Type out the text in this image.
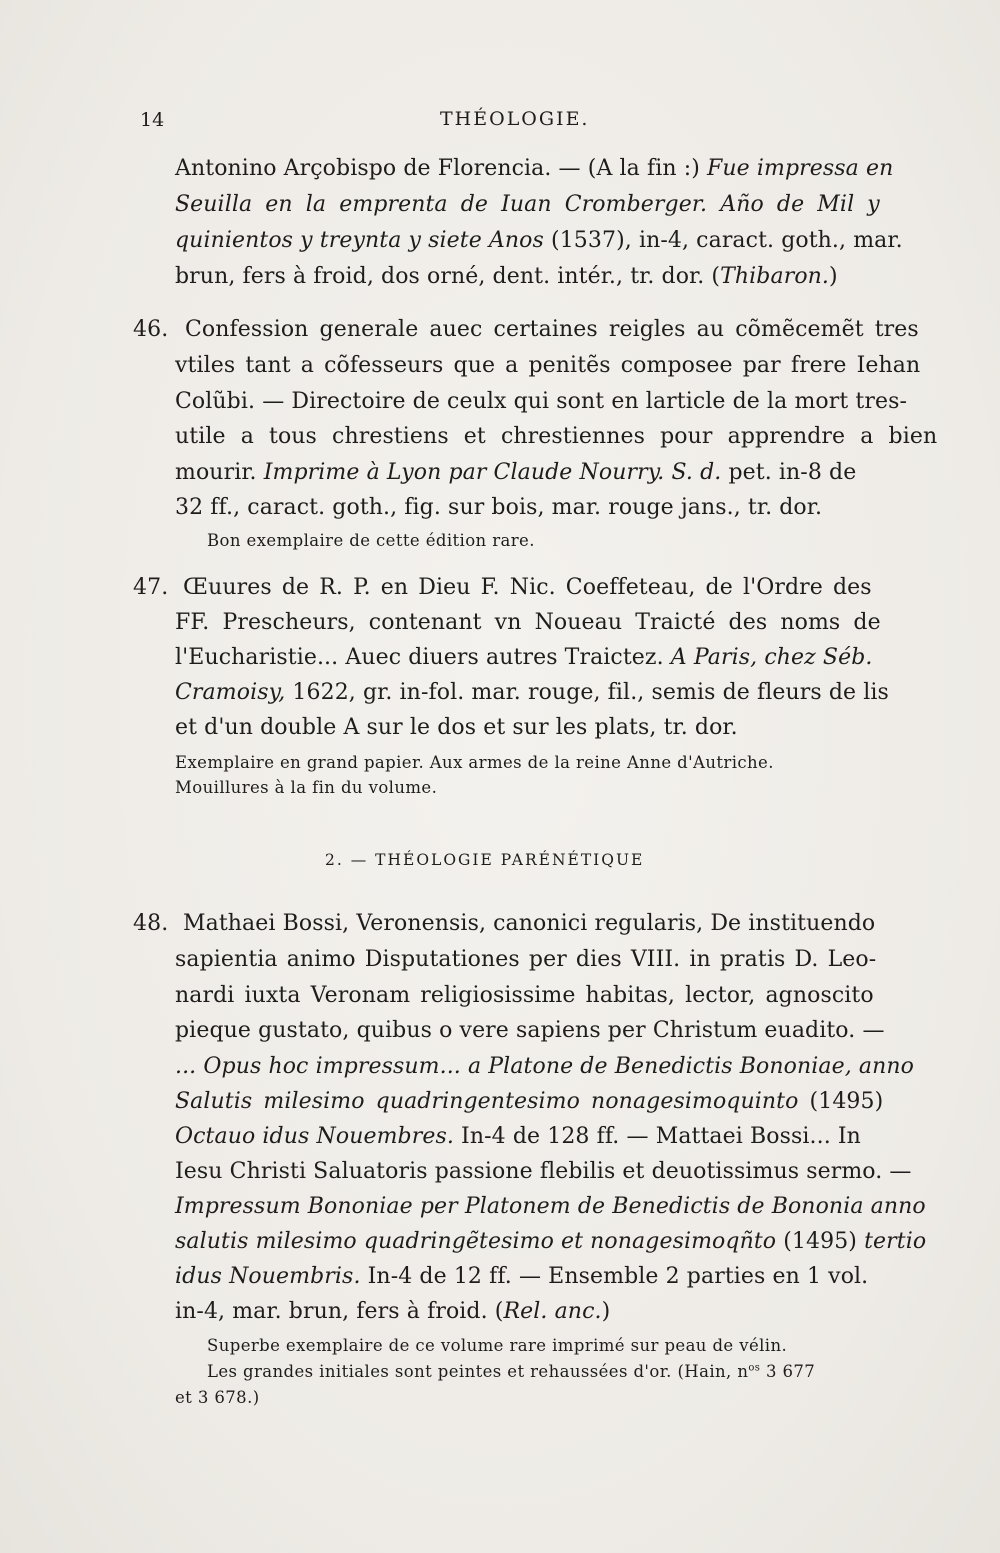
14	THÉOLOGIE.
Antonino Arçobispo de Florencia. — (A la fin :) Fue impressa en
Seuilla en la emprenta de Iuan Cromberger. Año de Mil y
quinientos y treynta y siete Anos (1537), in-4, caract. goth., mar.
brun, fers à froid, dos orné, dent. intér., tr. dor. (Thibaron.)
46. Confession generale auec certaines reigles au cõmẽcemẽt tres
vtiles tant a cõfesseurs que a penitẽs composee par frere Iehan
Colũbi. — Directoire de ceulx qui sont en larticle de la mort tres-
utile a tous chrestiens et chrestiennes pour apprendre a bien
mourir. Imprime à Lyon par Claude Nourry. S. d. pet. in-8 de
32 ff., caract. goth., fig. sur bois, mar. rouge jans., tr. dor.
Bon exemplaire de cette édition rare.
47. Œuures de R. P. en Dieu F. Nic. Coeffeteau, de l'Ordre des
FF. Prescheurs, contenant vn Noueau Traicté des noms de
l'Eucharistie... Auec diuers autres Traictez. A Paris, chez Séb.
Cramoisy, 1622, gr. in-fol. mar. rouge, fil., semis de fleurs de lis
et d'un double A sur le dos et sur les plats, tr. dor.
Exemplaire en grand papier. Aux armes de la reine Anne d'Autriche.
Mouillures à la fin du volume.
2. — THÉOLOGIE PARÉNÉTIQUE
48. Mathaei Bossi, Veronensis, canonici regularis, De instituendo
sapientia animo Disputationes per dies VIII. in pratis D. Leo-
nardi iuxta Veronam religiosissime habitas, lector, agnoscito
pieque gustato, quibus o vere sapiens per Christum euadito. —
... Opus hoc impressum... a Platone de Benedictis Bononiae, anno
Salutis milesimo quadringentesimo nonagesimoquinto (1495)
Octauo idus Nouembres. In-4 de 128 ff. — Mattaei Bossi... In
Iesu Christi Saluatoris passione flebilis et deuotissimus sermo. —
Impressum Bononiae per Platonem de Benedictis de Bononia anno
salutis milesimo quadringẽtesimo et nonagesimoqñto (1495) tertio
idus Nouembris. In-4 de 12 ff. — Ensemble 2 parties en 1 vol.
in-4, mar. brun, fers à froid. (Rel. anc.)
Superbe exemplaire de ce volume rare imprimé sur peau de vélin.
Les grandes initiales sont peintes et rehaussées d'or. (Hain, $n^{os}$ 3 677
et 3 678.)
